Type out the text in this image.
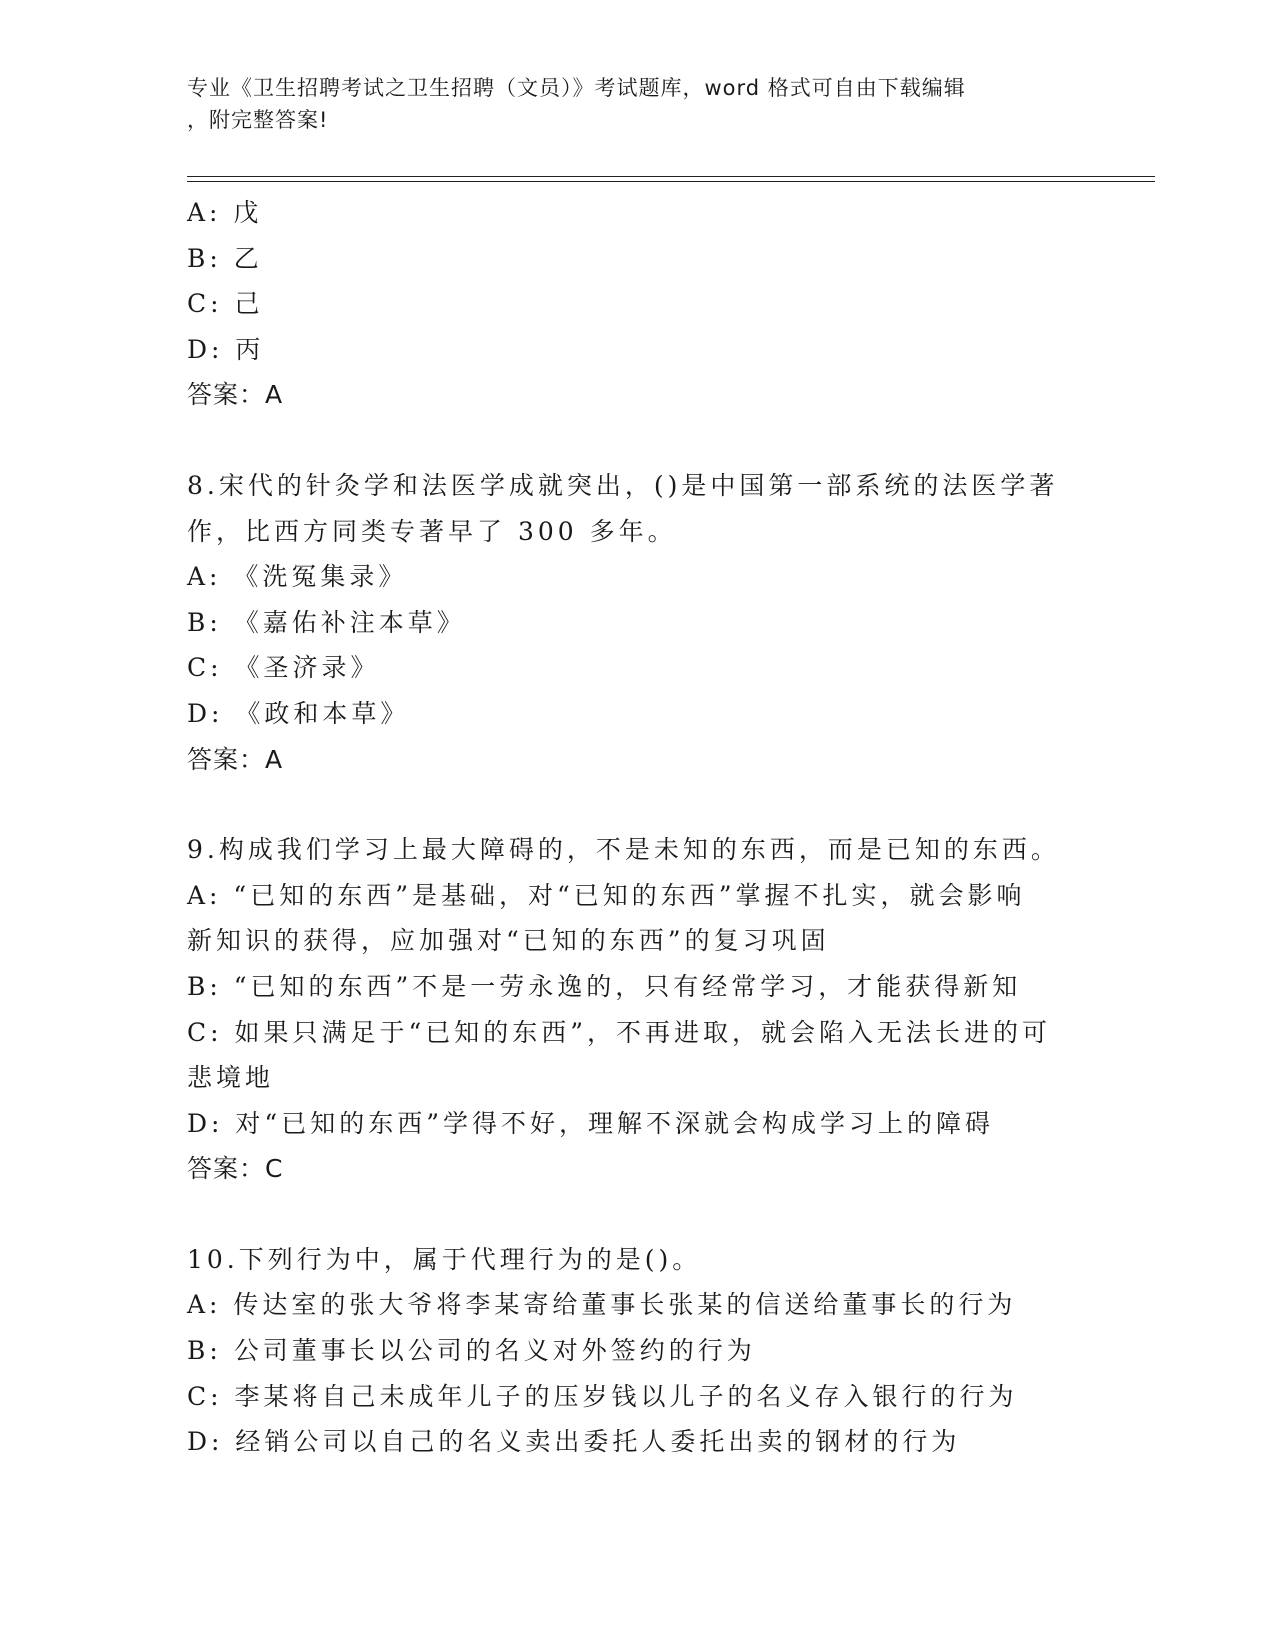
专业《卫生招聘考试之卫生招聘（文员）》考试题库，word 格式可自由下载编辑
，附完整答案!
A: 戊
B: 乙
C: 己
D: 丙
答案：A
8.宋代的针灸学和法医学成就突出，()是中国第一部系统的法医学著
作，比西方同类专著早了 300 多年。
A: 《洗冤集录》
B: 《嘉佑补注本草》
C: 《圣济录》
D: 《政和本草》
答案：A
9.构成我们学习上最大障碍的，不是未知的东西，而是已知的东西。
A: “已知的东西”是基础，对“已知的东西”掌握不扎实，就会影响
新知识的获得，应加强对“已知的东西”的复习巩固
B: “已知的东西”不是一劳永逸的，只有经常学习，才能获得新知
C: 如果只满足于“已知的东西”，不再进取，就会陷入无法长进的可
悲境地
D: 对“已知的东西”学得不好，理解不深就会构成学习上的障碍
答案：C
10.下列行为中，属于代理行为的是()。
A: 传达室的张大爷将李某寄给董事长张某的信送给董事长的行为
B: 公司董事长以公司的名义对外签约的行为
C: 李某将自己未成年儿子的压岁钱以儿子的名义存入银行的行为
D: 经销公司以自己的名义卖出委托人委托出卖的钢材的行为
